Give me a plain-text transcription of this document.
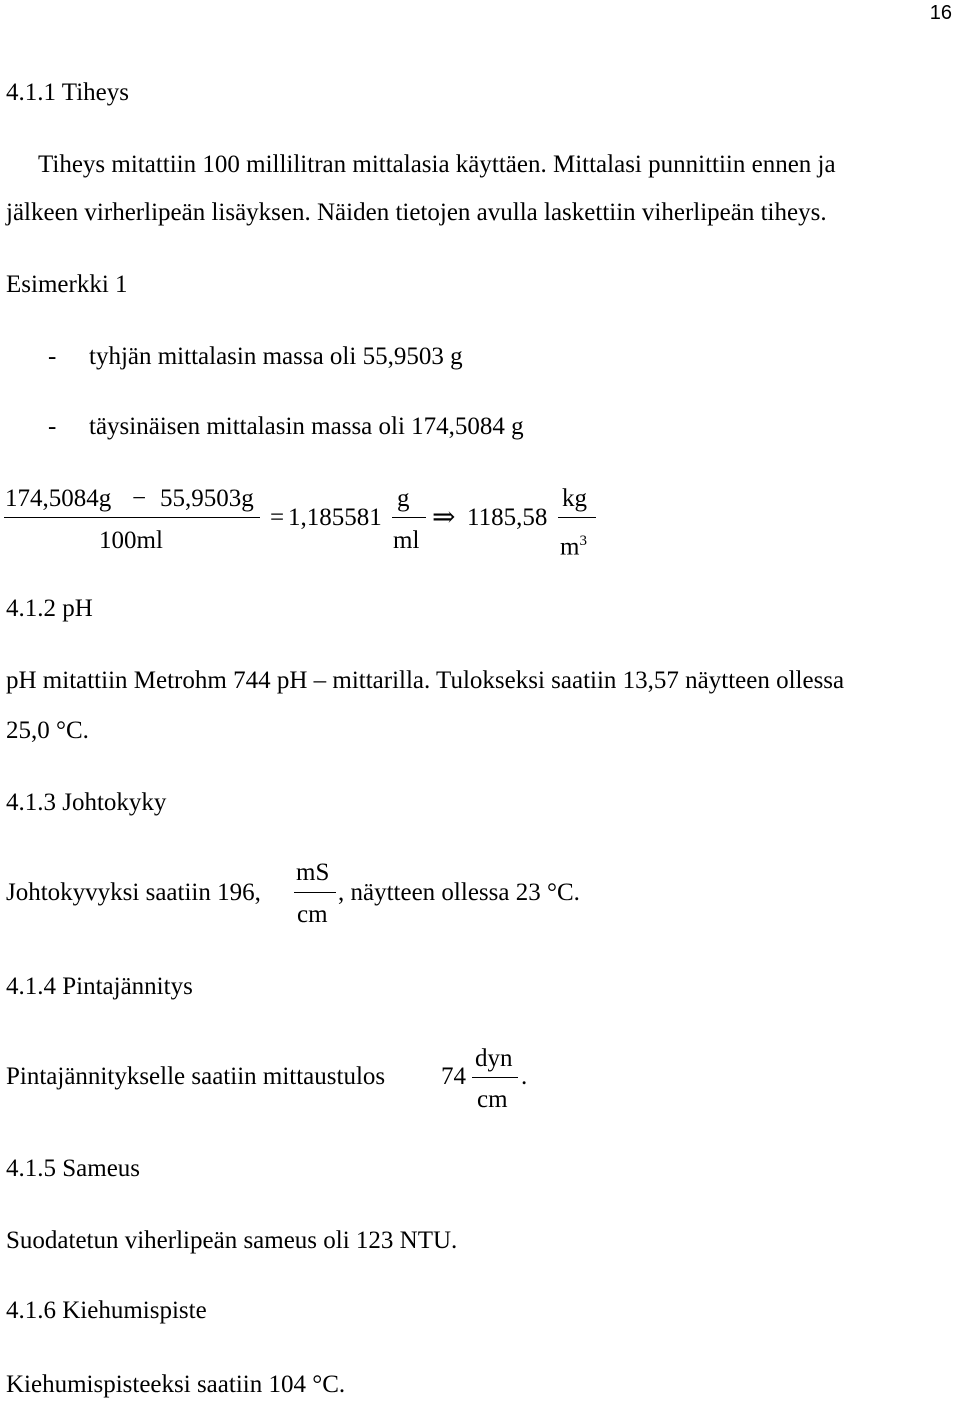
16
4.1.1 Tiheys
Tiheys mitattiin 100 millilitran mittalasia käyttäen. Mittalasi punnittiin ennen ja
jälkeen virherlipeän lisäyksen. Näiden tietojen avulla laskettiin viherlipeän tiheys.
Esimerkki 1
- tyhjän mittalasin massa oli 55,9503 g
- täysinäisen mittalasin massa oli 174,5084 g
174,5084g − 55,9503g
100ml
= 1,185581
g
ml
⇒ 1185,58
kg
$m^3$
4.1.2 pH
pH mitattiin Metrohm 744 pH – mittarilla. Tulokseksi saatiin 13,57 näytteen ollessa
25,0 °C.
4.1.3 Johtokyky
Johtokyvyksi saatiin 196,
mS
cm
, näytteen ollessa 23 °C.
4.1.4 Pintajännitys
Pintajännitykselle saatiin mittaustulos 74
dyn
cm
.
4.1.5 Sameus
Suodatetun viherlipeän sameus oli 123 NTU.
4.1.6 Kiehumispiste
Kiehumispisteeksi saatiin 104 °C.
